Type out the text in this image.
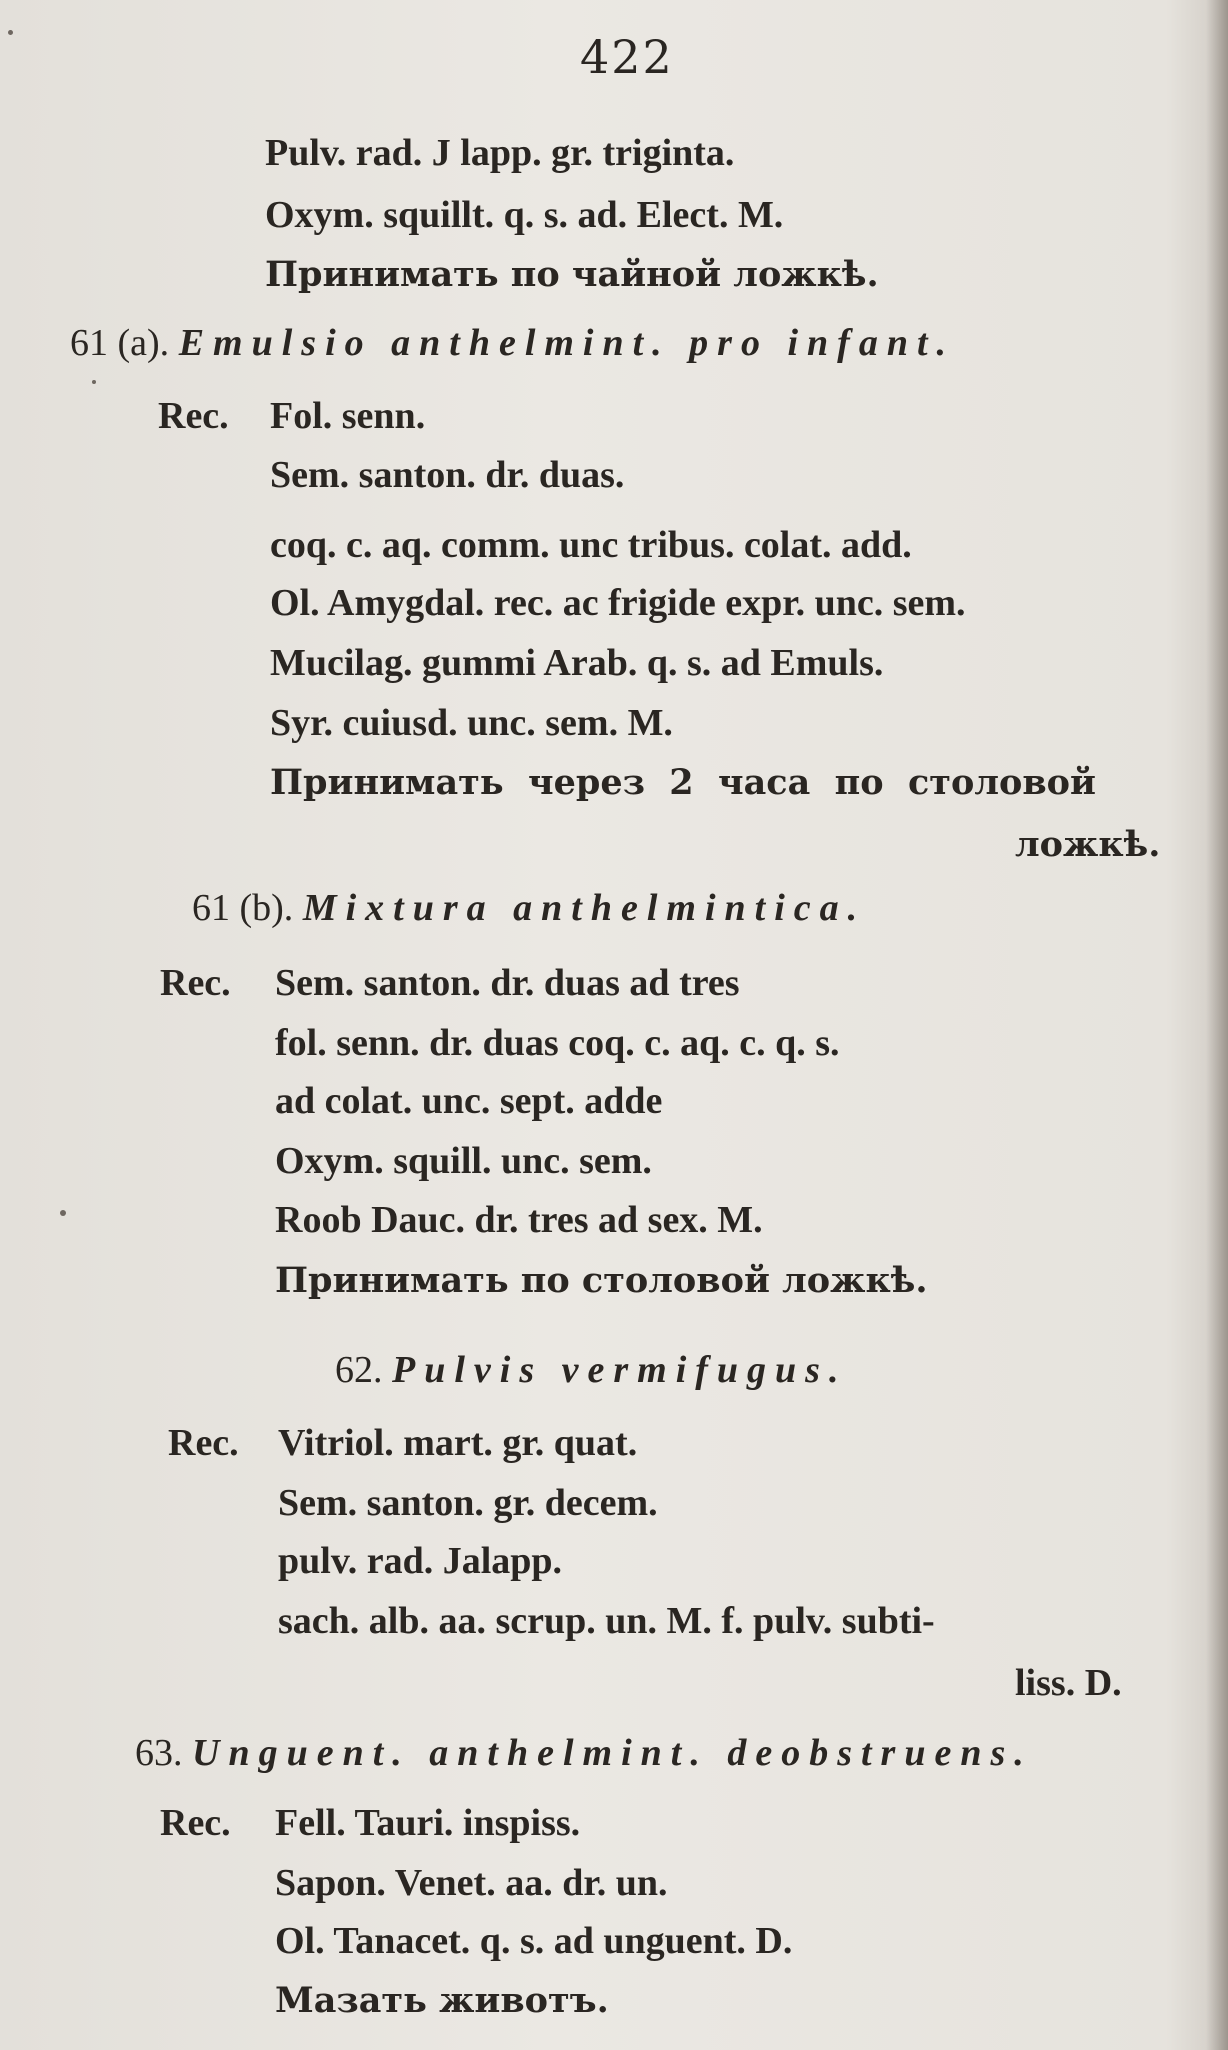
422
Pulv. rad. J lapp. gr. triginta.
Oxym. squillt. q. s. ad. Elect. M.
Принимать по чайной ложкѣ.
61 (a). Emulsio anthelmint. pro infant.
Rec. Fol. senn.
Sem. santon. dr. duas.
coq. c. aq. comm. unc tribus. colat. add.
Ol. Amygdal. rec. ac frigide expr. unc. sem.
Mucilag. gummi Arab. q. s. ad Emuls.
Syr. cuiusd. unc. sem. M.
Принимать  через  2  часа  по  столовой
ложкѣ.
61 (b). Mixtura anthelmintica.
Rec. Sem. santon. dr. duas ad tres
fol. senn. dr. duas coq. c. aq. c. q. s.
ad colat. unc. sept. adde
Oxym. squill. unc. sem.
Roob Dauc. dr. tres ad sex. M.
Принимать по столовой ложкѣ.
62. Pulvis vermifugus.
Rec. Vitriol. mart. gr. quat.
Sem. santon. gr. decem.
pulv. rad. Jalapp.
sach. alb. aa. scrup. un. M. f. pulv. subti-
liss. D.
63. Unguent. anthelmint. deobstruens.
Rec. Fell. Tauri. inspiss.
Sapon. Venet. aa. dr. un.
Ol. Tanacet. q. s. ad unguent. D.
Мазать животъ.
